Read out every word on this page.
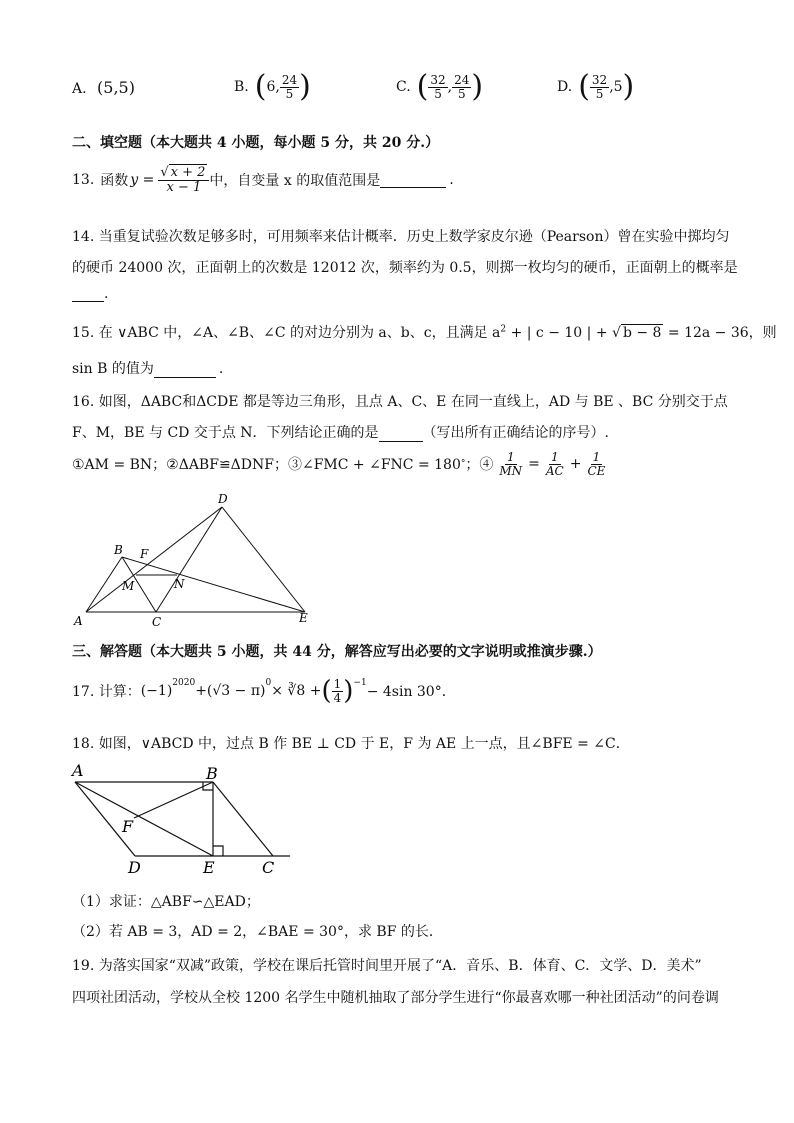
A. (5,5)	B. ( 6, $\frac{24}{5}$ )	C. ( $\frac{32}{5}$ , $\frac{24}{5}$ )	D. ( $\frac{32}{5} ,5$ )
二、填空题（本大题共 4 小题，每小题 5 分，共 20 分.）
13. 函数 $y = \frac{√ x + 2}{x - 1}$ 中，自变量 x 的取值范围是	.
14. 当重复试验次数足够多时，可用频率来估计概率．历史上数学家皮尔逊（Pearson）曾在实验中掷均匀
的硬币 24000 次，正面朝上的次数是 12012 次，频率约为 0.5，则掷一枚均匀的硬币，正面朝上的概率是
.
15. 在 ∨ABC 中，∠A、∠B、∠C 的对边分别为 a、b、c，且满足 $a^2$ + | c − 10 | + √ b − 8 = 12a − 36，则
sin B 的值为	.
16. 如图，ΔABC和ΔCDE 都是等边三角形，且点 A、C、E 在同一直线上，AD 与 BE 、BC 分别交于点
F、M，BE 与 CD 交于点 N．下列结论正确的是	（写出所有正确结论的序号）.
①AM = BN；②ΔABF≌ΔDNF；③∠FMC + ∠FNC = 180 ° ；④ $\frac{1}{MN} = \frac{1}{AC} + \frac{1}{CE}$
A
B
C
D
E
F
M	N
三、解答题（本大题共 5 小题，共 44 分，解答应写出必要的文字说明或推演步骤.）
17. 计算： (−1)
$^{2020}$
+ (√3 − π)
$^0$
× ∛8 + ( $\frac{1}{4} )^{-1}$
− 4sin 30°．
18. 如图，∨ABCD 中，过点 B 作 BE ⊥ CD 于 E，F 为 AE 上一点，且∠BFE = ∠C．
A	B
C
D	E
F
（1）求证：△ABF∽△EAD；
（2）若 AB = 3，AD = 2，∠BAE = 30°，求 BF 的长．
19. 为落实国家“双减”政策，学校在课后托管时间里开展了“A．音乐、B．体育、C．文学、D．美术”
四项社团活动，学校从全校 1200 名学生中随机抽取了部分学生进行“你最喜欢哪一种社团活动”的问卷调
